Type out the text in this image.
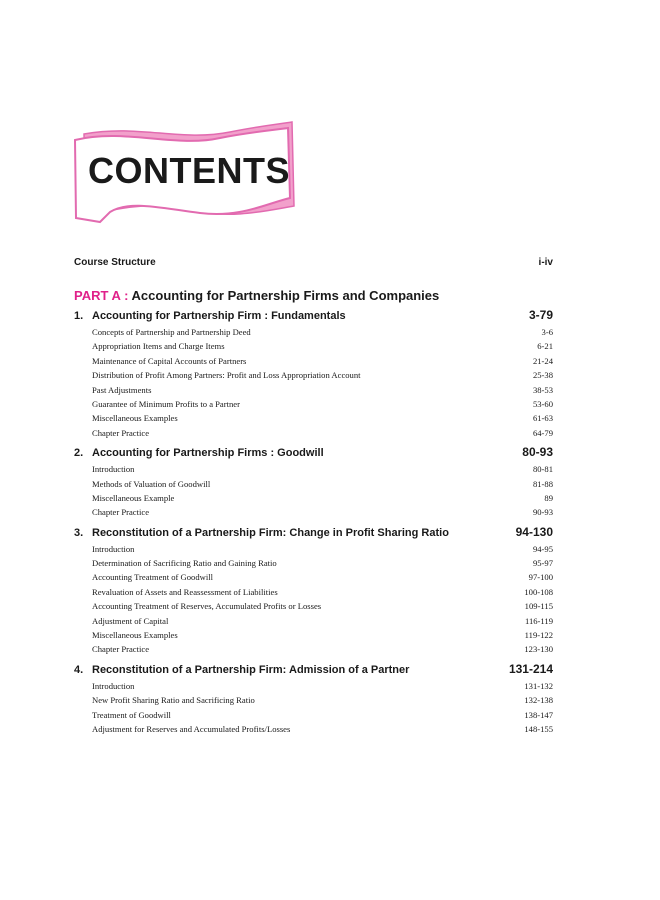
CONTENTS
Course Structure	i-iv
PART A : Accounting for Partnership Firms and Companies
1. Accounting for Partnership Firm : Fundamentals	3-79
Concepts of Partnership and Partnership Deed	3-6
Appropriation Items and Charge Items	6-21
Maintenance of Capital Accounts of Partners	21-24
Distribution of Profit Among Partners: Profit and Loss Appropriation Account	25-38
Past Adjustments	38-53
Guarantee of Minimum Profits to a Partner	53-60
Miscellaneous Examples	61-63
Chapter Practice	64-79
2. Accounting for Partnership Firms : Goodwill	80-93
Introduction	80-81
Methods of Valuation of Goodwill	81-88
Miscellaneous Example	89
Chapter Practice	90-93
3. Reconstitution of a Partnership Firm: Change in Profit Sharing Ratio	94-130
Introduction	94-95
Determination of Sacrificing Ratio and Gaining Ratio	95-97
Accounting Treatment of Goodwill	97-100
Revaluation of Assets and Reassessment of Liabilities	100-108
Accounting Treatment of Reserves, Accumulated Profits or Losses	109-115
Adjustment of Capital	116-119
Miscellaneous Examples	119-122
Chapter Practice	123-130
4. Reconstitution of a Partnership Firm: Admission of a Partner	131-214
Introduction	131-132
New Profit Sharing Ratio and Sacrificing Ratio	132-138
Treatment of Goodwill	138-147
Adjustment for Reserves and Accumulated Profits/Losses	148-155
